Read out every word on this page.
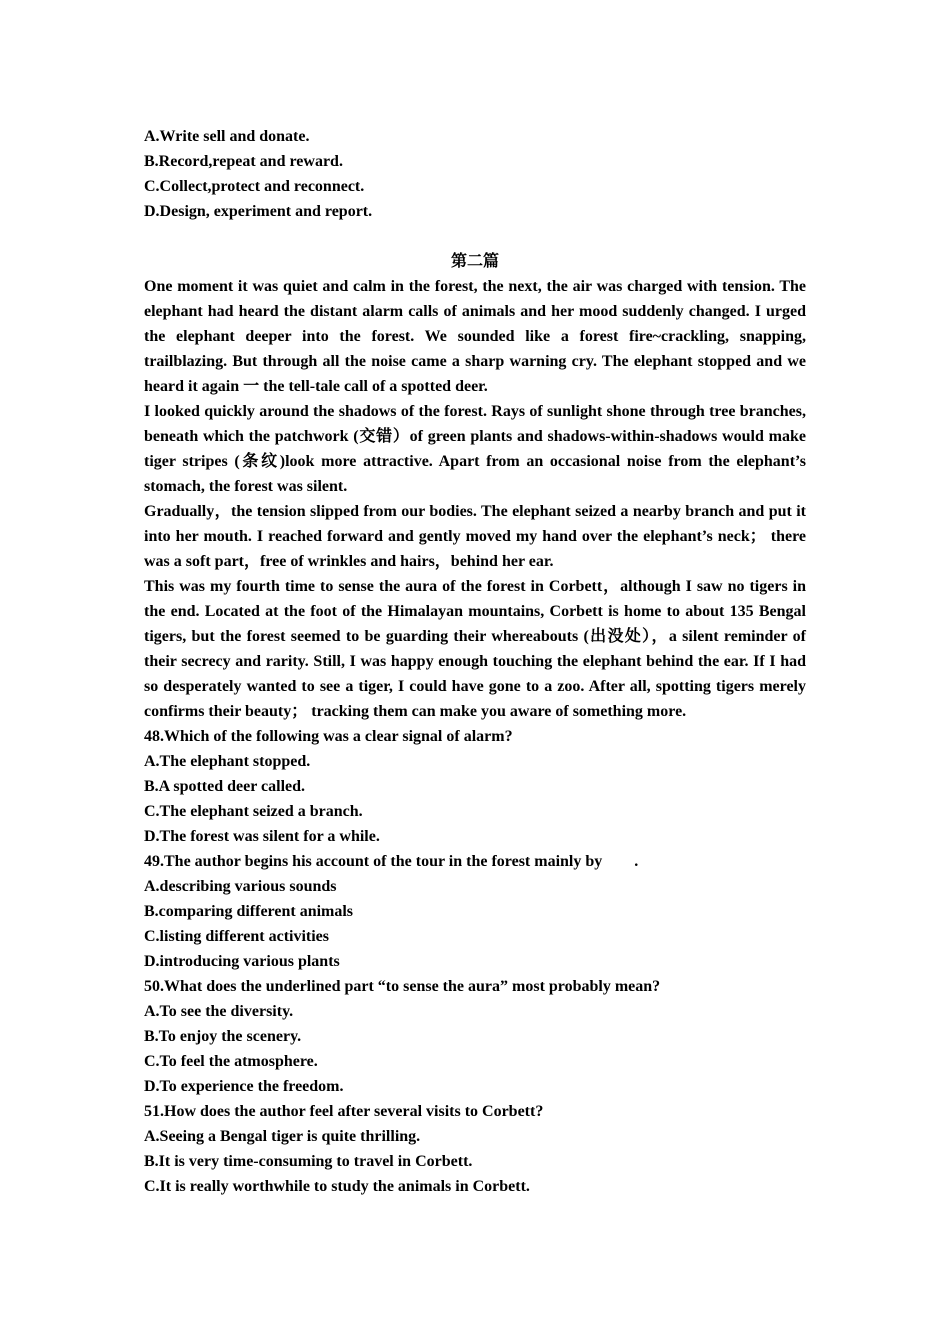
A.Write sell and donate.

B.Record,repeat and reward.

C.Collect,protect and reconnect.

D.Design, experiment and report.

第二篇

One moment it was quiet and calm in the forest, the next, the air was charged with tension. The elephant had heard the distant alarm calls of animals and her mood suddenly changed. I urged the elephant deeper into the forest. We sounded like a forest fire~crackling, snapping, trailblazing. But through all the noise came a sharp warning cry. The elephant stopped and we heard it again 一 the tell-tale call of a spotted deer.

I looked quickly around the shadows of the forest. Rays of sunlight shone through tree branches, beneath which the patchwork (交错）of green plants and shadows-within-shadows would make tiger stripes (条纹)look more attractive. Apart from an occasional noise from the elephant’s stomach, the forest was silent.

Gradually，the tension slipped from our bodies. The elephant seized a nearby branch and put it into her mouth. I reached forward and gently moved my hand over the elephant’s neck； there was a soft part，free of wrinkles and hairs，behind her ear.

This was my fourth time to sense the aura of the forest in Corbett，although I saw no tigers in the end. Located at the foot of the Himalayan mountains, Corbett is home to about 135 Bengal tigers, but the forest seemed to be guarding their whereabouts (出没处），a silent reminder of their secrecy and rarity. Still, I was happy enough touching the elephant behind the ear. If I had so desperately wanted to see a tiger, I could have gone to a zoo. After all, spotting tigers merely confirms their beauty； tracking them can make you aware of something more.

48.Which of the following was a clear signal of alarm?

A.The elephant stopped.

B.A spotted deer called.

C.The elephant seized a branch.

D.The forest was silent for a while.

49.The author begins his account of the tour in the forest mainly by　　.

A.describing various sounds

B.comparing different animals

C.listing different activities

D.introducing various plants

50.What does the underlined part “to sense the aura” most probably mean?

A.To see the diversity.

B.To enjoy the scenery.

C.To feel the atmosphere.

D.To experience the freedom.

51.How does the author feel after several visits to Corbett?

A.Seeing a Bengal tiger is quite thrilling.

B.It is very time-consuming to travel in Corbett.

C.It is really worthwhile to study the animals in Corbett.
